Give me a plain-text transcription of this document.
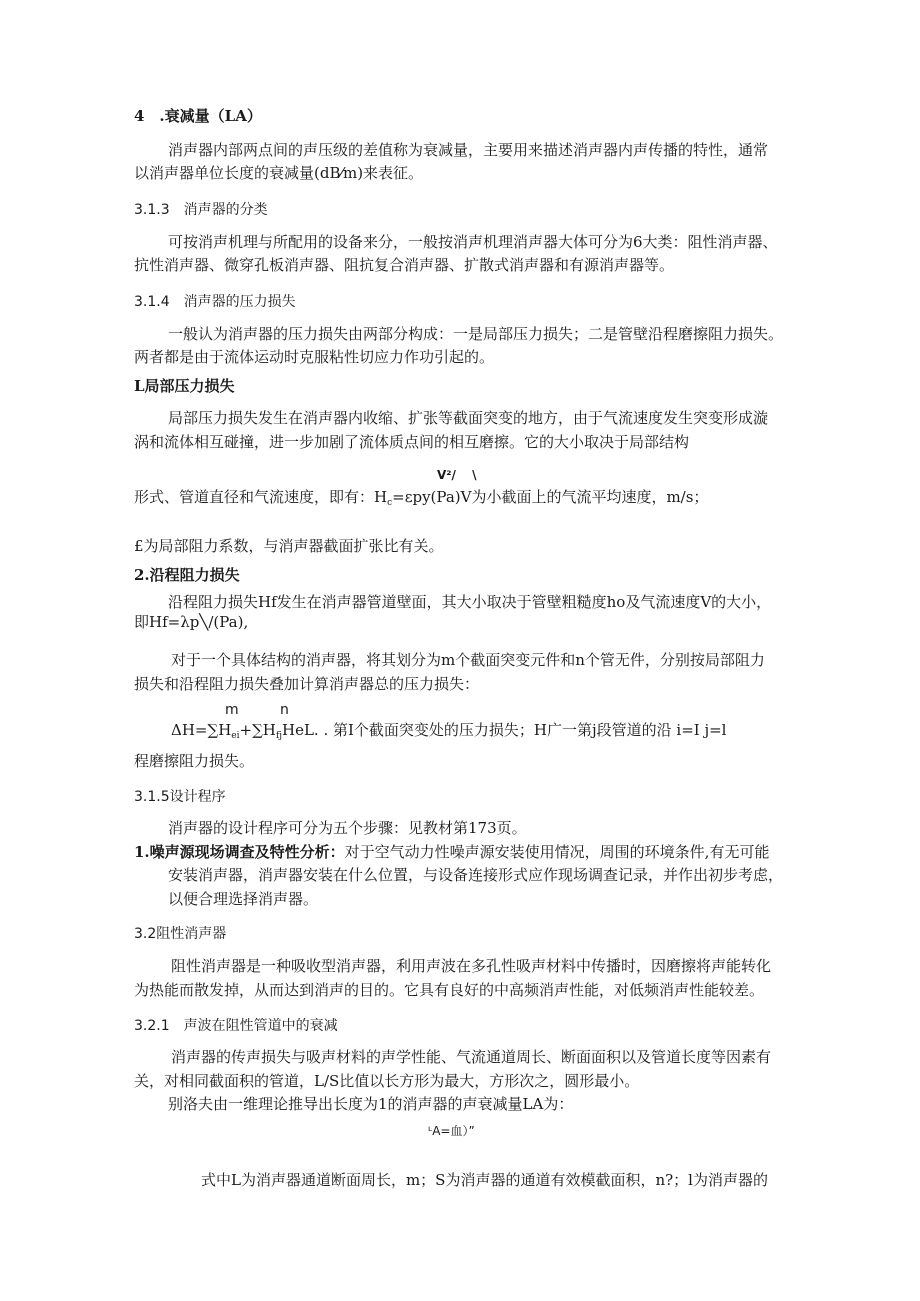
4　.衰减量（LA）
消声器内部两点间的声压级的差值称为衰减量，主要用来描述消声器内声传播的特性，通常
以消声器单位长度的衰减量(dB⁄m)来表征。
3.1.3　消声器的分类
可按消声机理与所配用的设备来分，一般按消声机理消声器大体可分为6大类：阻性消声器、
抗性消声器、微穿孔板消声器、阻抗复合消声器、扩散式消声器和有源消声器等。
3.1.4　消声器的压力损失
一般认为消声器的压力损失由两部分构成：一是局部压力损失；二是管壁沿程磨擦阻力损失。
两者都是由于流体运动时克服粘性切应力作功引起的。
L局部压力损失
局部压力损失发生在消声器内收缩、扩张等截面突变的地方，由于气流速度发生突变形成漩
涡和流体相互碰撞，进一步加剧了流体质点间的相互磨擦。它的大小取决于局部结构
V²/　 \
形式、管道直径和气流速度，即有：$H_c=\varepsilon py(Pa)V$为小截面上的气流平均速度，m/s；
£为局部阻力系数，与消声器截面扩张比有关。
2.沿程阻力损失
沿程阻力损失Hf发生在消声器管道壁面，其大小取决于管壁粗糙度ho及气流速度V的大小，
即Hf=λp╲/(Pa),
对于一个具体结构的消声器，将其划分为m个截面突变元件和n个管无件，分别按局部阻力
损失和沿程阻力损失叠加计算消声器总的压力损失：
m	n
$\Delta H=\sum H_{ei}+\sum H_{fj}HeL$. . 第I个截面突变处的压力损失；H广一第j段管道的沿 i=I j=l
程磨擦阻力损失。
3.1.5设计程序
消声器的设计程序可分为五个步骤：见教材第173页。
1.噪声源现场调查及特性分析：对于空气动力性噪声源安装使用情况，周围的环境条件,有无可能
安装消声器，消声器安装在什么位置，与设备连接形式应作现场调查记录，并作出初步考虑，
以便合理选择消声器。
3.2阻性消声器
阻性消声器是一种吸收型消声器，利用声波在多孔性吸声材料中传播时，因磨擦将声能转化
为热能而散发掉，从而达到消声的目的。它具有良好的中高频消声性能，对低频消声性能较差。
3.2.1　声波在阻性管道中的衰减
消声器的传声损失与吸声材料的声学性能、气流通道周长、断面面积以及管道长度等因素有
关，对相同截面积的管道，L/S比值以长方形为最大，方形次之，圆形最小。
别洛夫由一维理论推导出长度为1的消声器的声衰减量LA为：
ᴸA=血）”
式中L为消声器通道断面周长，m；S为消声器的通道有效模截面积，n?；l为消声器的
